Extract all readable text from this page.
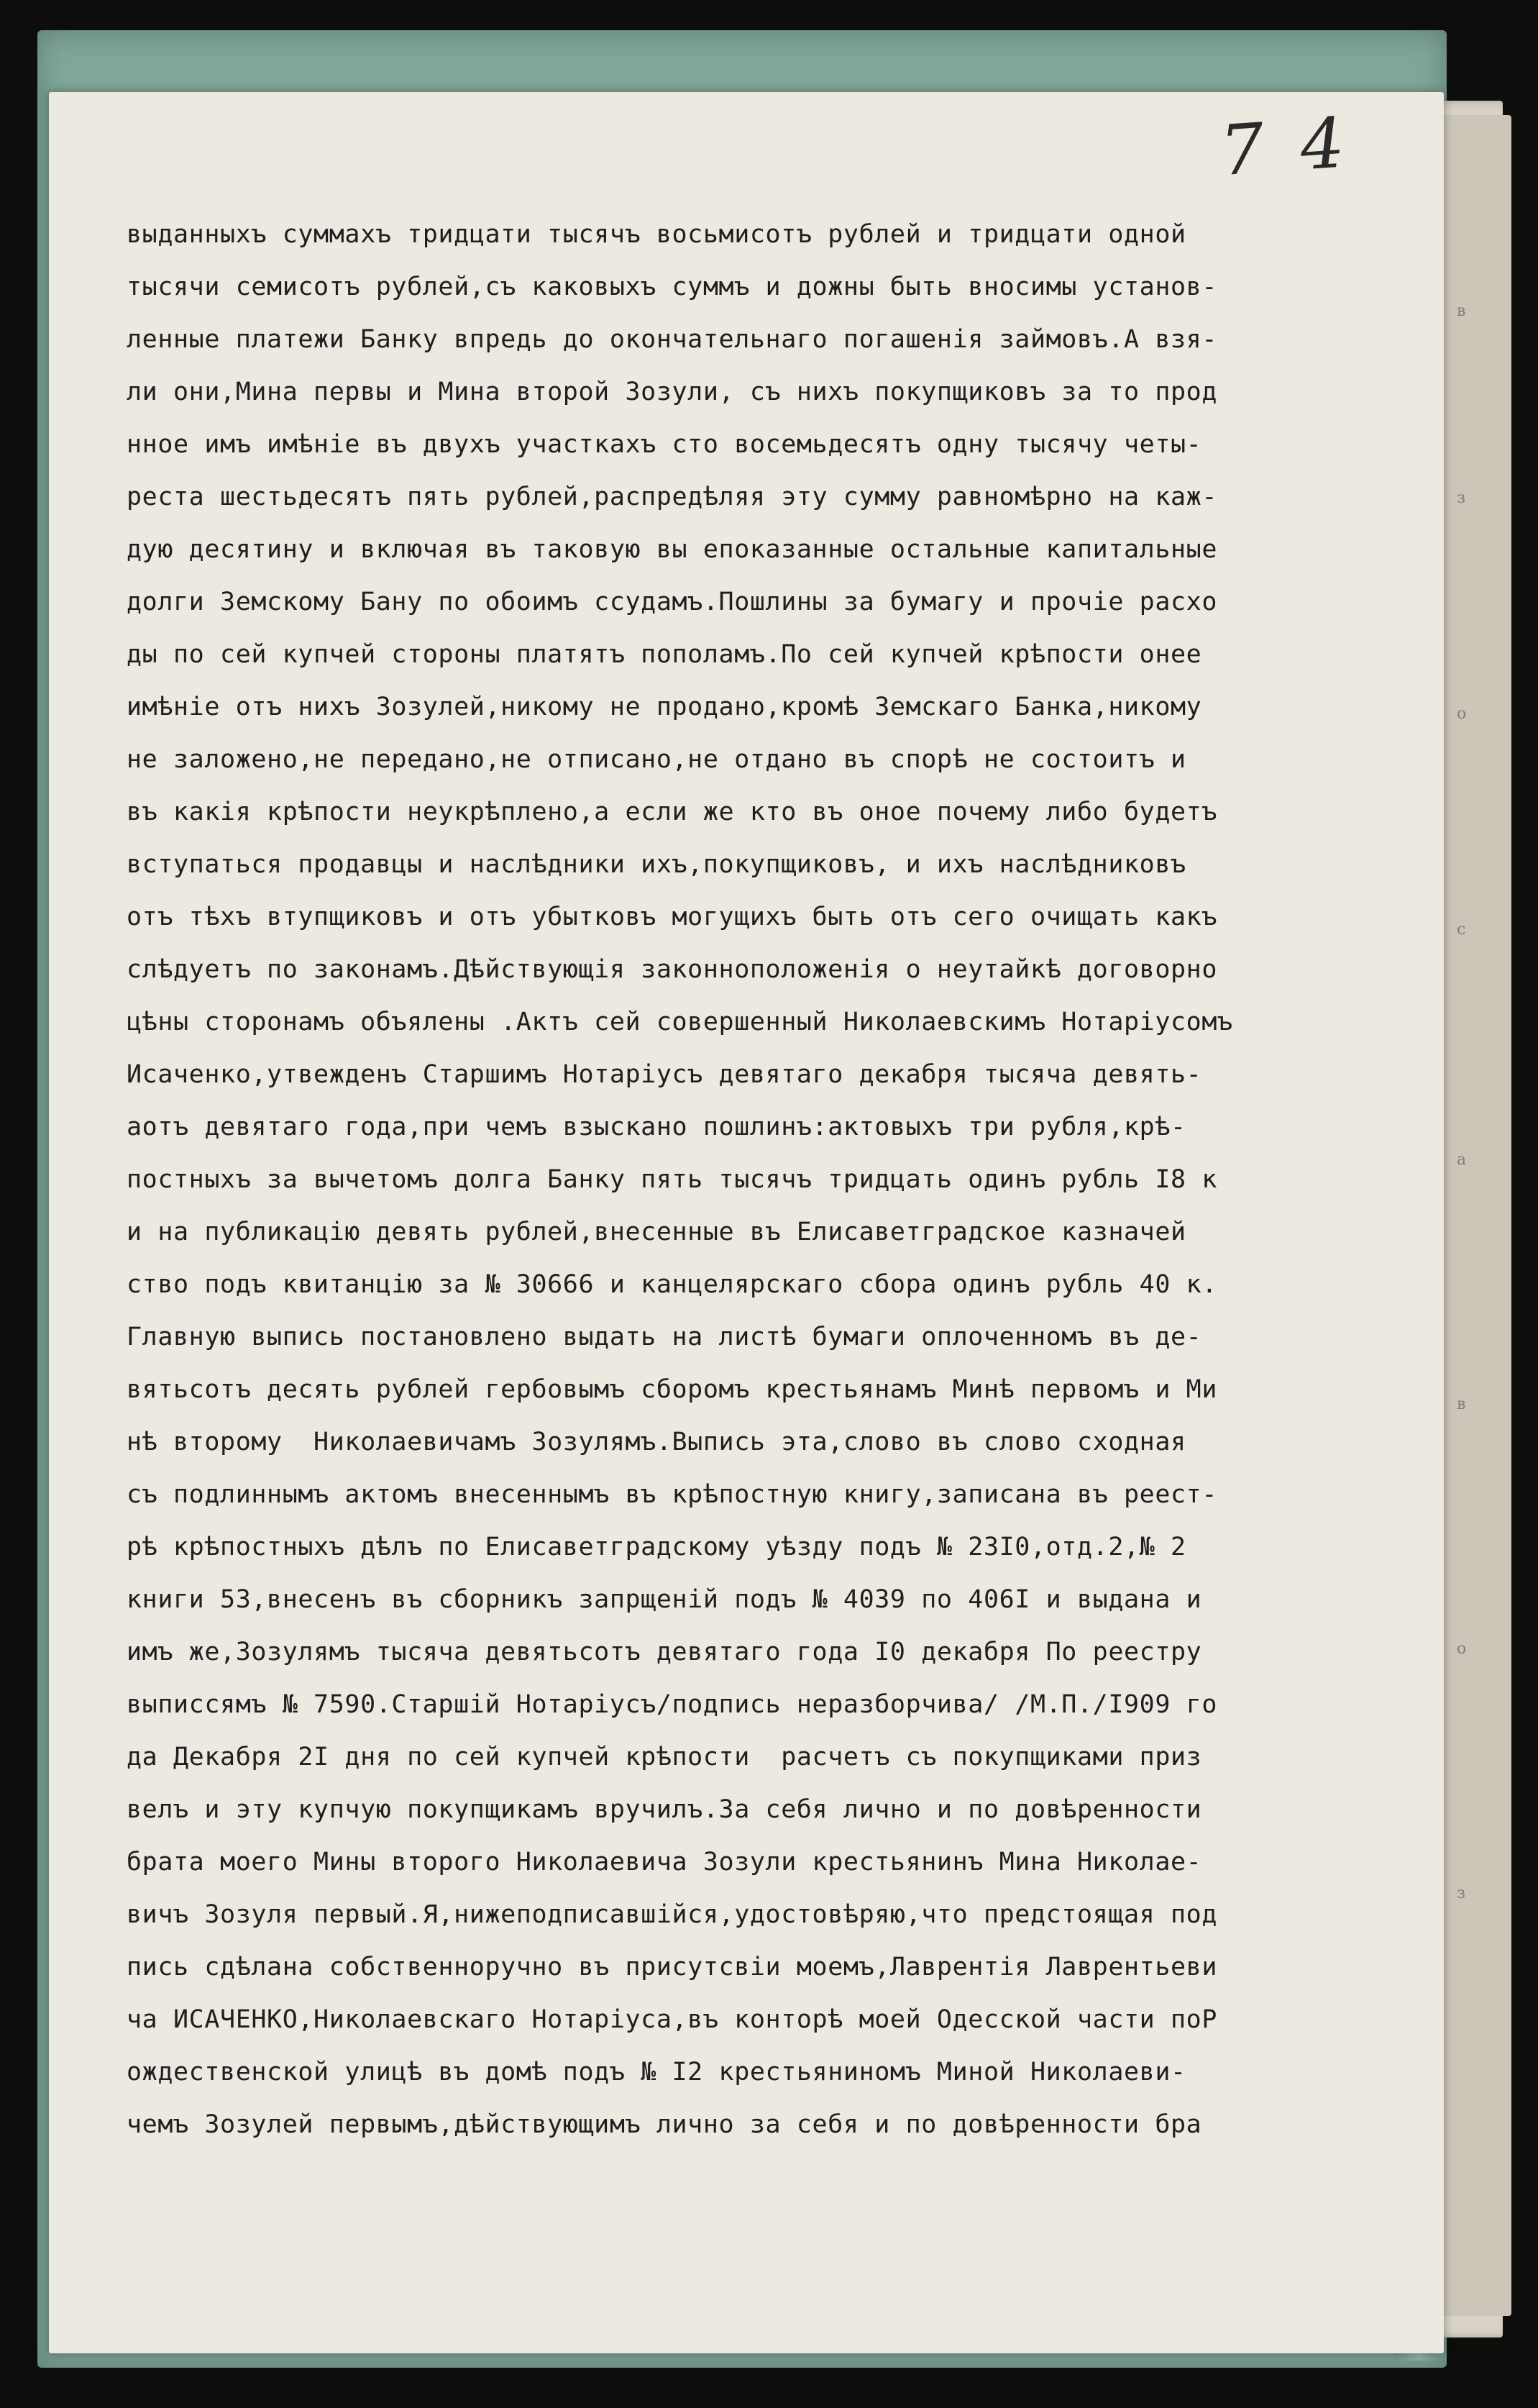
в
з
о
с
а
в
о
з
7 4
выданныхъ суммахъ тридцати тысячъ восьмисотъ рублей и тридцати одной
тысячи семисотъ рублей,съ каковыхъ суммъ и дожны быть вносимы установ-
ленные платежи Банку впредь до окончательнаго погашенія займовъ.А взя-
ли они,Мина первы и Мина второй Зозули, съ нихъ покупщиковъ за то прод
нное имъ имѣніе въ двухъ участкахъ сто восемьдесятъ одну тысячу четы-
реста шестьдесятъ пять рублей,распредѣляя эту сумму равномѣрно на каж-
дую десятину и включая въ таковую вы епоказанные остальные капитальные
долги Земскому Бану по обоимъ ссудамъ.Пошлины за бумагу и прочіе расхо
ды по сей купчей стороны платятъ пополамъ.По сей купчей крѣпости онее
имѣніе отъ нихъ Зозулей,никому не продано,кромѣ Земскаго Банка,никому
не заложено,не передано,не отписано,не отдано въ спорѣ не состоитъ и
въ какія крѣпости неукрѣплено,а если же кто въ оное почему либо будетъ
вступаться продавцы и наслѣдники ихъ,покупщиковъ, и ихъ наслѣдниковъ
отъ тѣхъ втупщиковъ и отъ убытковъ могущихъ быть отъ сего очищать какъ
слѣдуетъ по законамъ.Дѣйствующія законноположенія о неутайкѣ договорно
цѣны сторонамъ объялены .Актъ сей совершенный Николаевскимъ Нотаріусомъ
Исаченко,утвежденъ Старшимъ Нотаріусъ девятаго декабря тысяча девять-
аотъ девятаго года,при чемъ взыскано пошлинъ:актовыхъ три рубля,крѣ-
постныхъ за вычетомъ долга Банку пять тысячъ тридцать одинъ рубль I8 к
и на публикацію девять рублей,внесенные въ Елисаветградское казначей
ство подъ квитанцію за № 30666 и канцелярскаго сбора одинъ рубль 40 к.
Главную выпись постановлено выдать на листѣ бумаги оплоченномъ въ де-
вятьсотъ десять рублей гербовымъ сборомъ крестьянамъ Минѣ первомъ и Ми
нѣ второму  Николаевичамъ Зозулямъ.Выпись эта,слово въ слово сходная
съ подлиннымъ актомъ внесеннымъ въ крѣпостную книгу,записана въ реест-
рѣ крѣпостныхъ дѣлъ по Елисаветградскому уѣзду подъ № 23I0,отд.2,№ 2
книги 53,внесенъ въ сборникъ запрщеній подъ № 4039 по 406I и выдана и
имъ же,Зозулямъ тысяча девятьсотъ девятаго года I0 декабря По реестру
выписсямъ № 7590.Старшій Нотаріусъ/подпись неразборчива/ /М.П./I909 го
да Декабря 2I дня по сей купчей крѣпости  расчетъ съ покупщиками приз
велъ и эту купчую покупщикамъ вручилъ.За себя лично и по довѣренности
брата моего Мины второго Николаевича Зозули крестьянинъ Мина Николае-
вичъ Зозуля первый.Я,нижеподписавшійся,удостовѣряю,что предстоящая под
пись сдѣлана собственноручно въ присутсвіи моемъ,Лаврентія Лаврентьеви
ча ИСАЧЕНКО,Николаевскаго Нотаріуса,въ конторѣ моей Одесской части поР
ождественской улицѣ въ домѣ подъ № I2 крестьяниномъ Миной Николаеви-
чемъ Зозулей первымъ,дѣйствующимъ лично за себя и по довѣренности бра
